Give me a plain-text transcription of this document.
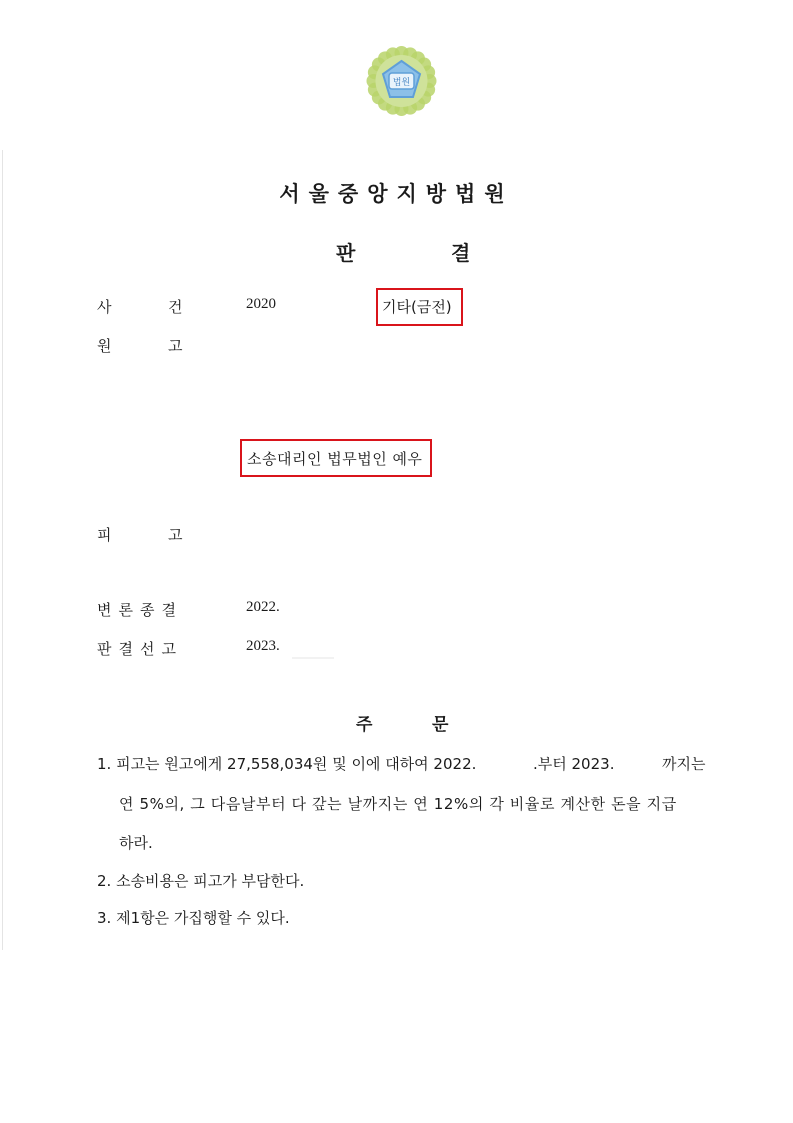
법원
서울중앙지방법원
판	결
사	건	2020	기타(금전)
원	고
소송대리인 법무법인 예우
피	고
변론종결	2022.
판결선고	2023.
주	문
1. 피고는 원고에게 27,558,034원 및 이에 대하여 2022.	.부터 2023.	까지는
연 5%의, 그 다음날부터 다 갚는 날까지는 연 12%의 각 비율로 계산한 돈을 지급
하라.
2. 소송비용은 피고가 부담한다.
3. 제1항은 가집행할 수 있다.
